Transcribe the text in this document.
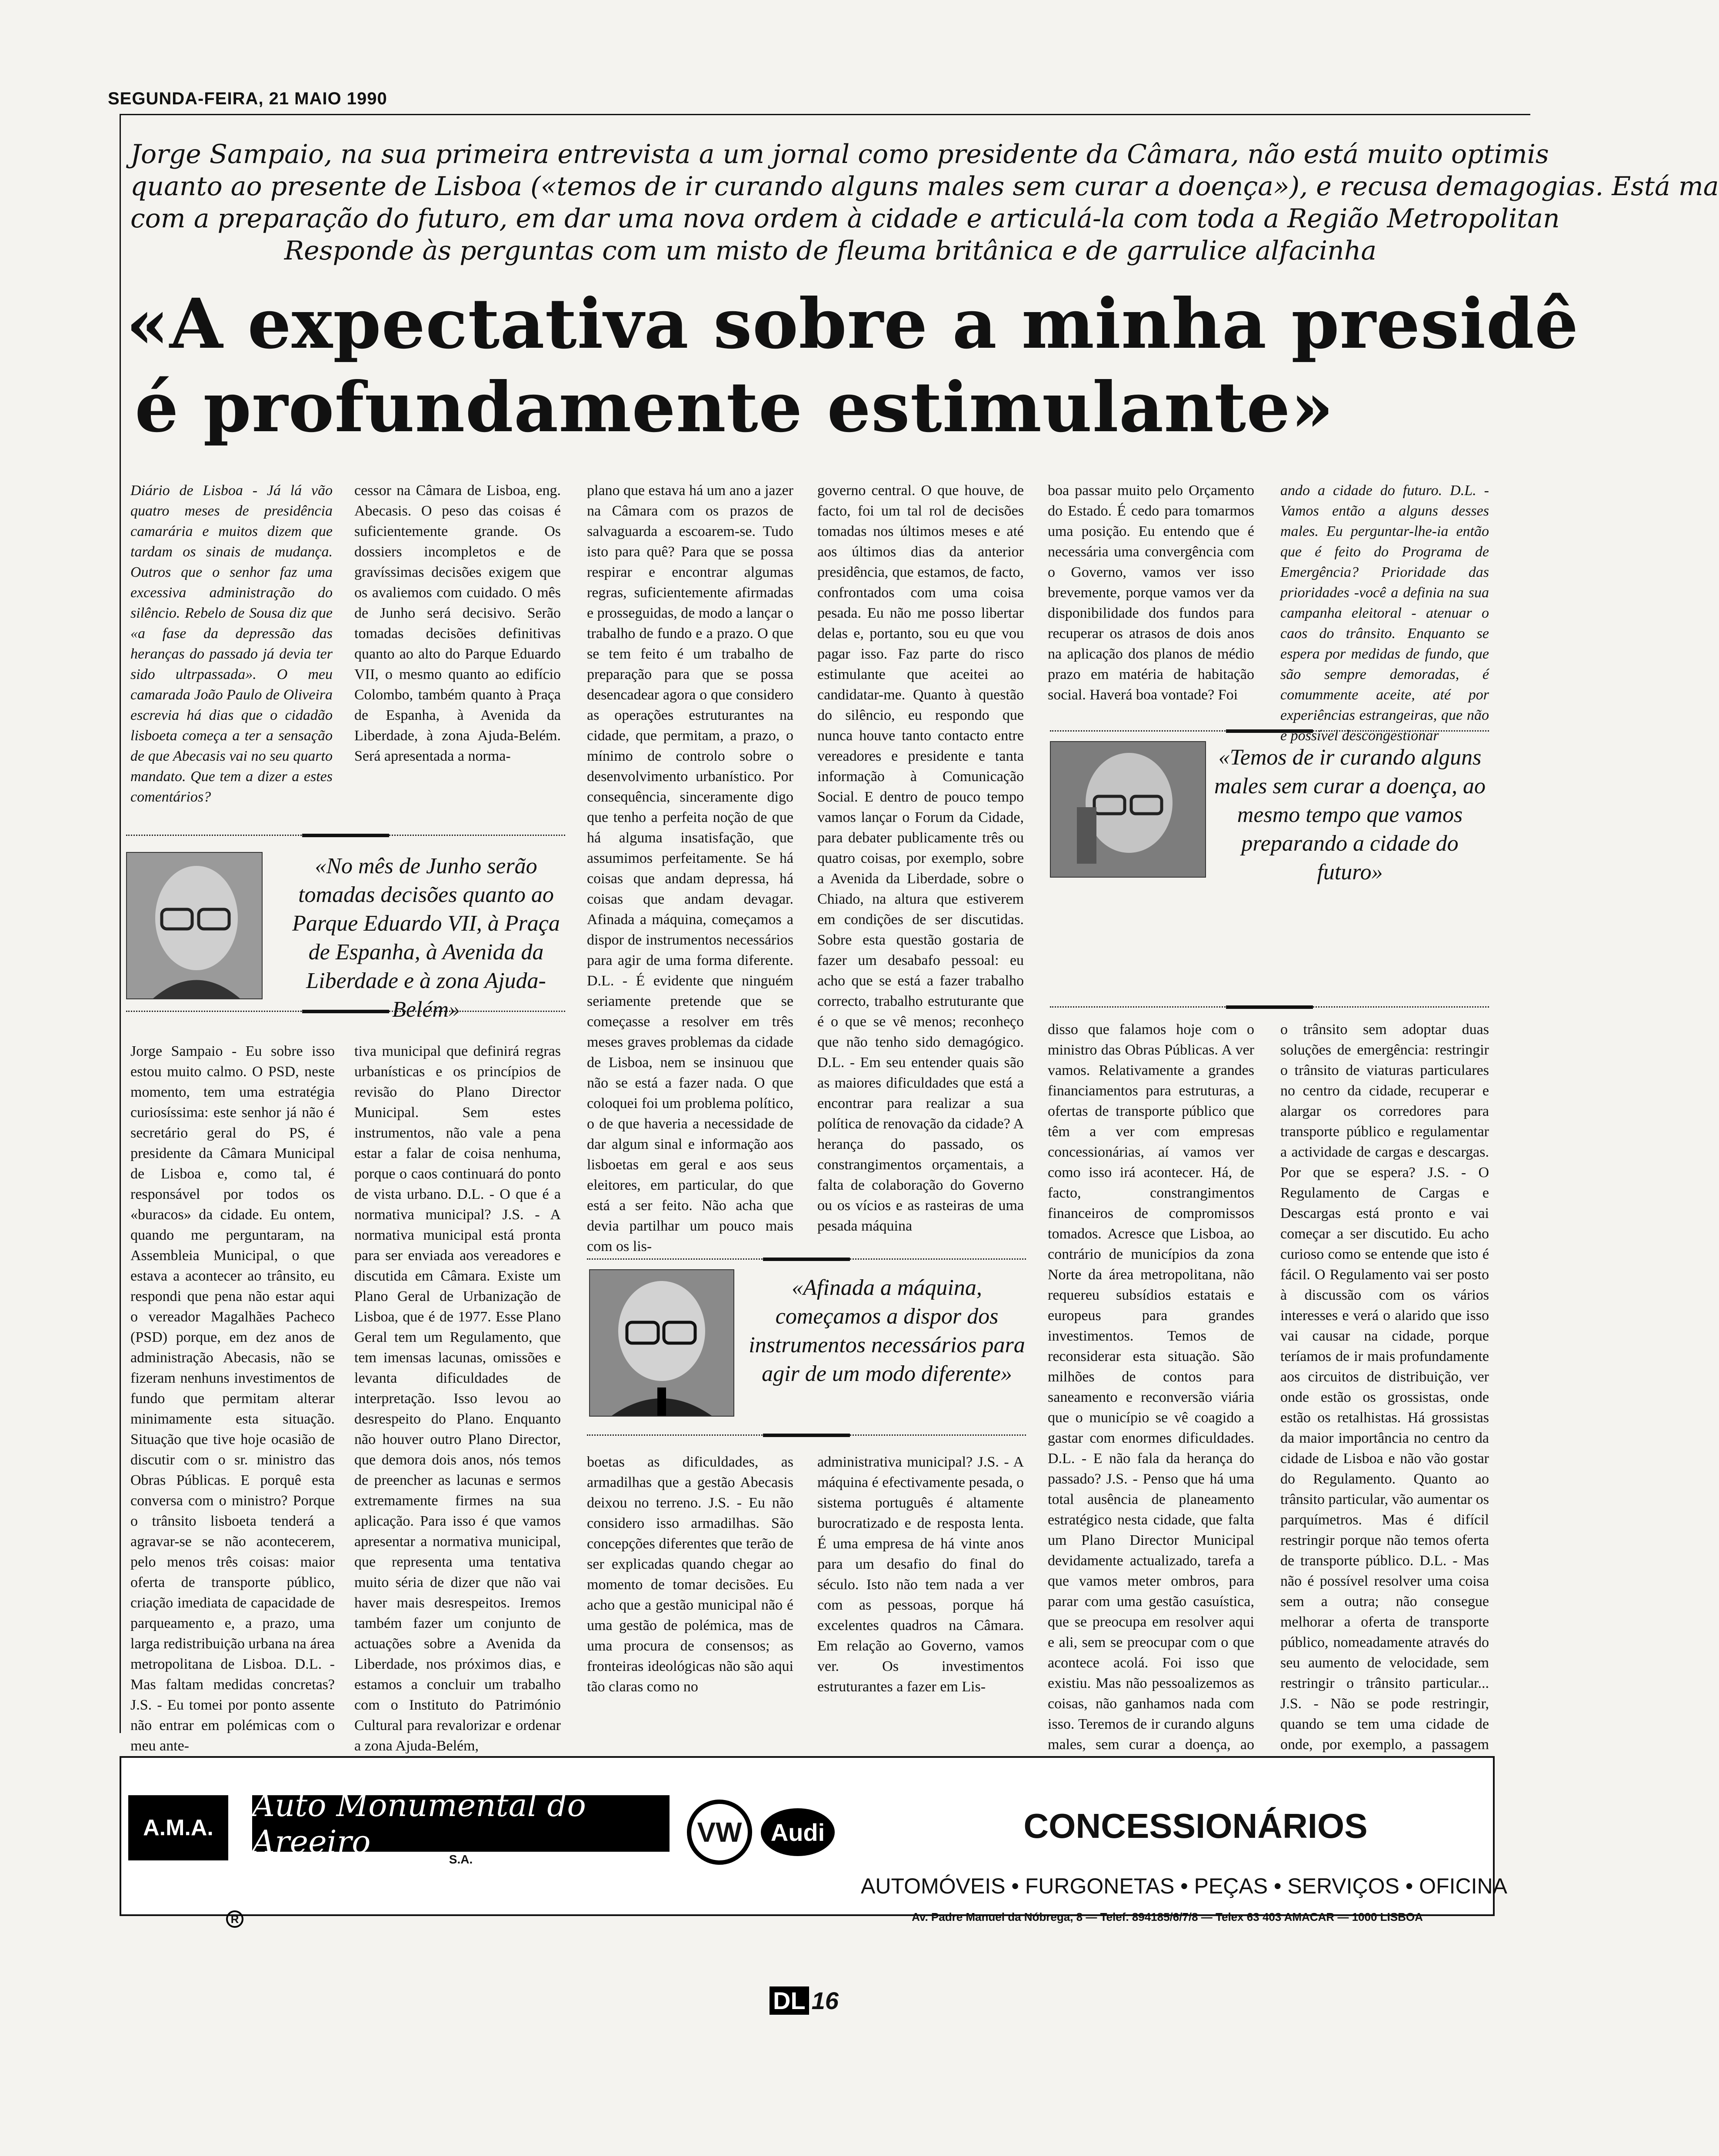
SEGUNDA-FEIRA, 21 MAIO 1990
Jorge Sampaio, na sua primeira entrevista a um jornal como presidente da Câmara, não está muito optimis
quanto ao presente de Lisboa («temos de ir curando alguns males sem curar a doença»), e recusa demagogias. Está ma
com a preparação do futuro, em dar uma nova ordem à cidade e articulá-la com toda a Região Metropolitan
Responde às perguntas com um misto de fleuma britânica e de garrulice alfacinha
«A expectativa sobre a minha presidê
é profundamente estimulante»

Diário de Lisboa - Já lá vão quatro meses de presidência camarária e muitos dizem que tardam os sinais de mudança. Outros que o senhor faz uma excessiva administração do silêncio. Rebelo de Sousa diz que «a fase da depressão das heranças do passado já devia ter sido ultrpassada». O meu camarada João Paulo de Oliveira escrevia há dias que o cidadão lisboeta começa a ter a sensação de que Abecasis vai no seu quarto mandato. Que tem a dizer a estes comentários?

cessor na Câmara de Lisboa, eng. Abecasis. O peso das coisas é suficientemente grande. Os dossiers incompletos e de gravíssimas decisões exigem que os avaliemos com cuidado. O mês de Junho será decisivo. Serão tomadas decisões definitivas quanto ao alto do Parque Eduardo VII, o mesmo quanto ao edifício Colombo, também quanto à Praça de Espanha, à Avenida da Liberdade, à zona Ajuda-Belém. Será apresentada a norma-

plano que estava há um ano a jazer na Câmara com os prazos de salvaguarda a escoarem-se. Tudo isto para quê? Para que se possa respirar e encontrar algumas regras, suficientemente afirmadas e prosseguidas, de modo a lançar o trabalho de fundo e a prazo. O que se tem feito é um trabalho de preparação para que se possa desencadear agora o que considero as operações estruturantes na cidade, que permitam, a prazo, o mínimo de controlo sobre o desenvolvimento urbanístico. Por consequência, sinceramente digo que tenho a perfeita noção de que há alguma insatisfação, que assumimos perfeitamente. Se há coisas que andam depressa, há coisas que andam devagar. Afinada a máquina, começamos a dispor de instrumentos necessários para agir de uma forma diferente. D.L. - É evidente que ninguém seriamente pretende que se começasse a resolver em três meses graves problemas da cidade de Lisboa, nem se insinuou que não se está a fazer nada. O que coloquei foi um problema político, o de que haveria a necessidade de dar algum sinal e informação aos lisboetas em geral e aos seus eleitores, em particular, do que está a ser feito. Não acha que devia partilhar um pouco mais com os lis-

governo central. O que houve, de facto, foi um tal rol de decisões tomadas nos últimos meses e até aos últimos dias da anterior presidência, que estamos, de facto, confrontados com uma coisa pesada. Eu não me posso libertar delas e, portanto, sou eu que vou pagar isso. Faz parte do risco estimulante que aceitei ao candidatar-me. Quanto à questão do silêncio, eu respondo que nunca houve tanto contacto entre vereadores e presidente e tanta informação à Comunicação Social. E dentro de pouco tempo vamos lançar o Forum da Cidade, para debater publicamente três ou quatro coisas, por exemplo, sobre a Avenida da Liberdade, sobre o Chiado, na altura que estiverem em condições de ser discutidas. Sobre esta questão gostaria de fazer um desabafo pessoal: eu acho que se está a fazer trabalho correcto, trabalho estruturante que é o que se vê menos; reconheço que não tenho sido demagógico. D.L. - Em seu entender quais são as maiores dificuldades que está a encontrar para realizar a sua política de renovação da cidade? A herança do passado, os constrangimentos orçamentais, a falta de colaboração do Governo ou os vícios e as rasteiras de uma pesada máquina

boa passar muito pelo Orçamento do Estado. É cedo para tomarmos uma posição. Eu entendo que é necessária uma convergência com o Governo, vamos ver isso brevemente, porque vamos ver da disponibilidade dos fundos para recuperar os atrasos de dois anos na aplicação dos planos de médio prazo em matéria de habitação social. Haverá boa vontade? Foi

ando a cidade do futuro. D.L. - Vamos então a alguns desses males. Eu perguntar-lhe-ia então que é feito do Programa de Emergência? Prioridade das prioridades -você a definia na sua campanha eleitoral - atenuar o caos do trânsito. Enquanto se espera por medidas de fundo, que são sempre demoradas, é comummente aceite, até por experiências estrangeiras, que não é possível descongestionar

«No mês de Junho serão tomadas decisões quanto ao Parque Eduardo VII, à Praça de Espanha, à Avenida da Liberdade e à zona Ajuda-Belém»
«Temos de ir curando alguns males sem curar a doença, ao mesmo tempo que vamos preparando a cidade do futuro»
«Afinada a máquina, começamos a dispor dos instrumentos necessários para agir de um modo diferente»

Jorge Sampaio - Eu sobre isso estou muito calmo. O PSD, neste momento, tem uma estratégia curiosíssima: este senhor já não é secretário geral do PS, é presidente da Câmara Municipal de Lisboa e, como tal, é responsável por todos os «buracos» da cidade. Eu ontem, quando me perguntaram, na Assembleia Municipal, o que estava a acontecer ao trânsito, eu respondi que pena não estar aqui o vereador Magalhães Pacheco (PSD) porque, em dez anos de administração Abecasis, não se fizeram nenhuns investimentos de fundo que permitam alterar minimamente esta situação. Situação que tive hoje ocasião de discutir com o sr. ministro das Obras Públicas. E porquê esta conversa com o ministro? Porque o trânsito lisboeta tenderá a agravar-se se não acontecerem, pelo menos três coisas: maior oferta de transporte público, criação imediata de capacidade de parqueamento e, a prazo, uma larga redistribuição urbana na área metropolitana de Lisboa. D.L. - Mas faltam medidas concretas? J.S. - Eu tomei por ponto assente não entrar em polémicas com o meu ante-

tiva municipal que definirá regras urbanísticas e os princípios de revisão do Plano Director Municipal. Sem estes instrumentos, não vale a pena estar a falar de coisa nenhuma, porque o caos continuará do ponto de vista urbano. D.L. - O que é a normativa municipal? J.S. - A normativa municipal está pronta para ser enviada aos vereadores e discutida em Câmara. Existe um Plano Geral de Urbanização de Lisboa, que é de 1977. Esse Plano Geral tem um Regulamento, que tem imensas lacunas, omissões e levanta dificuldades de interpretação. Isso levou ao desrespeito do Plano. Enquanto não houver outro Plano Director, que demora dois anos, nós temos de preencher as lacunas e sermos extremamente firmes na sua aplicação. Para isso é que vamos apresentar a normativa municipal, que representa uma tentativa muito séria de dizer que não vai haver mais desrespeitos. Iremos também fazer um conjunto de actuações sobre a Avenida da Liberdade, nos próximos dias, e estamos a concluir um trabalho com o Instituto do Património Cultural para revalorizar e ordenar a zona Ajuda-Belém,

boetas as dificuldades, as armadilhas que a gestão Abecasis deixou no terreno. J.S. - Eu não considero isso armadilhas. São concepções diferentes que terão de ser explicadas quando chegar ao momento de tomar decisões. Eu acho que a gestão municipal não é uma gestão de polémica, mas de uma procura de consensos; as fronteiras ideológicas não são aqui tão claras como no

administrativa municipal? J.S. - A máquina é efectivamente pesada, o sistema português é altamente burocratizado e de resposta lenta. É uma empresa de há vinte anos para um desafio do final do século. Isto não tem nada a ver com as pessoas, porque há excelentes quadros na Câmara. Em relação ao Governo, vamos ver. Os investimentos estruturantes a fazer em Lis-

disso que falamos hoje com o ministro das Obras Públicas. A ver vamos. Relativamente a grandes financiamentos para estruturas, a ofertas de transporte público que têm a ver com empresas concessionárias, aí vamos ver como isso irá acontecer. Há, de facto, constrangimentos financeiros de compromissos tomados. Acresce que Lisboa, ao contrário de municípios da zona Norte da área metropolitana, não requereu subsídios estatais e europeus para grandes investimentos. Temos de reconsiderar esta situação. São milhões de contos para saneamento e reconversão viária que o município se vê coagido a gastar com enormes dificuldades. D.L. - E não fala da herança do passado? J.S. - Penso que há uma total ausência de planeamento estratégico nesta cidade, que falta um Plano Director Municipal devidamente actualizado, tarefa a que vamos meter ombros, para parar com uma gestão casuística, que se preocupa em resolver aqui e ali, sem se preocupar com o que acontece acolá. Foi isso que existiu. Mas não pessoalizemos as coisas, não ganhamos nada com isso. Teremos de ir curando alguns males, sem curar a doença, ao

o trânsito sem adoptar duas soluções de emergência: restringir o trânsito de viaturas particulares no centro da cidade, recuperar e alargar os corredores para transporte público e regulamentar a actividade de cargas e descargas. Por que se espera? J.S. - O Regulamento de Cargas e Descargas está pronto e vai começar a ser discutido. Eu acho curioso como se entende que isto é fácil. O Regulamento vai ser posto à discussão com os vários interesses e verá o alarido que isso vai causar na cidade, porque teríamos de ir mais profundamente aos circuitos de distribuição, ver onde estão os grossistas, onde estão os retalhistas. Há grossistas da maior importância no centro da cidade de Lisboa e não vão gostar do Regulamento. Quanto ao trânsito particular, vão aumentar os parquímetros. Mas é difícil restringir porque não temos oferta de transporte público. D.L. - Mas não é possível resolver uma coisa sem a outra; não consegue melhorar a oferta de transporte público, nomeadamente através do seu aumento de velocidade, sem restringir o trânsito particular... J.S. - Não se pode restringir, quando se tem uma cidade de onde, por exemplo, a passagem

A.M.A.
Auto Monumental do Areeiro	S.A.
VW	Audi	CONCESSIONÁRIOS
AUTOMÓVEIS • FURGONETAS • PEÇAS • SERVIÇOS • OFICINA
Av. Padre Manuel da Nóbrega, 8 — Telef. 894185/6/7/8 — Telex 63 403 AMACAR — 1000 LISBOA
R
DL 16
